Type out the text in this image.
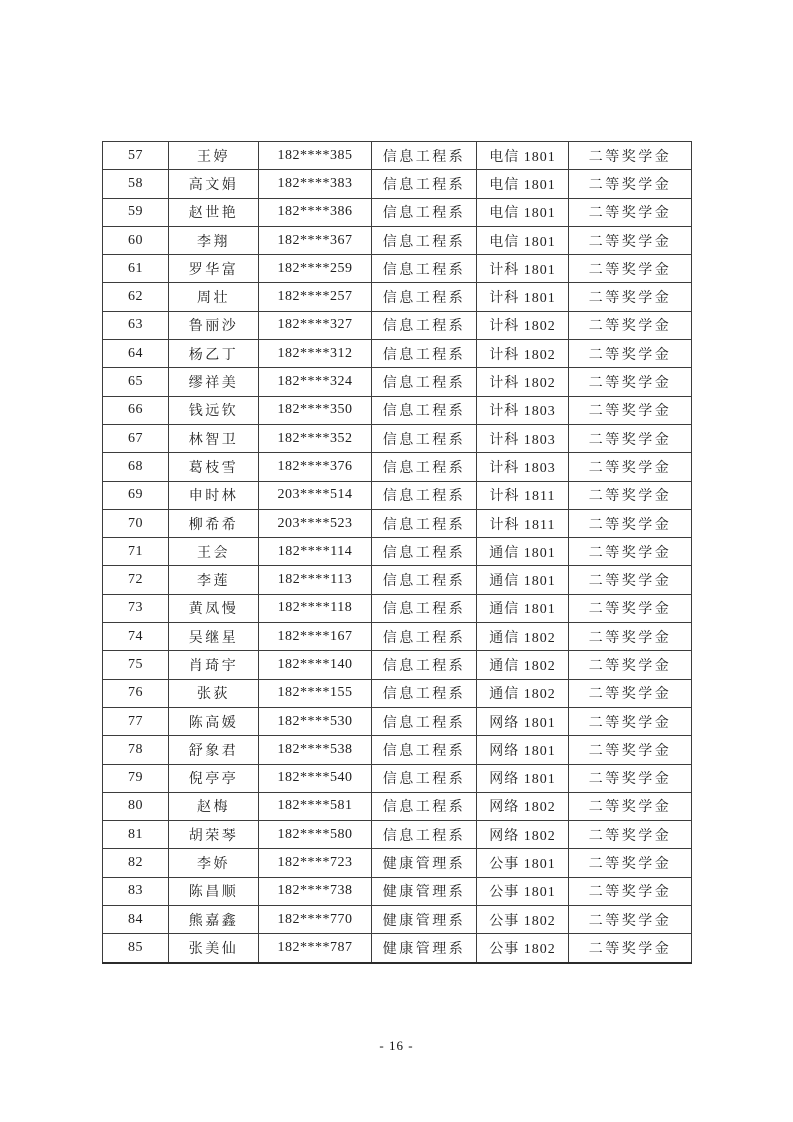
57	王婷	182****385	信息工程系	电信 1801	二等奖学金
58	高文娟	182****383	信息工程系	电信 1801	二等奖学金
59	赵世艳	182****386	信息工程系	电信 1801	二等奖学金
60	李翔	182****367	信息工程系	电信 1801	二等奖学金
61	罗华富	182****259	信息工程系	计科 1801	二等奖学金
62	周壮	182****257	信息工程系	计科 1801	二等奖学金
63	鲁丽沙	182****327	信息工程系	计科 1802	二等奖学金
64	杨乙丁	182****312	信息工程系	计科 1802	二等奖学金
65	缪祥美	182****324	信息工程系	计科 1802	二等奖学金
66	钱远钦	182****350	信息工程系	计科 1803	二等奖学金
67	林智卫	182****352	信息工程系	计科 1803	二等奖学金
68	葛枝雪	182****376	信息工程系	计科 1803	二等奖学金
69	申时林	203****514	信息工程系	计科 1811	二等奖学金
70	柳希希	203****523	信息工程系	计科 1811	二等奖学金
71	王会	182****114	信息工程系	通信 1801	二等奖学金
72	李莲	182****113	信息工程系	通信 1801	二等奖学金
73	黄凤慢	182****118	信息工程系	通信 1801	二等奖学金
74	吴继星	182****167	信息工程系	通信 1802	二等奖学金
75	肖琦宇	182****140	信息工程系	通信 1802	二等奖学金
76	张荻	182****155	信息工程系	通信 1802	二等奖学金
77	陈高媛	182****530	信息工程系	网络 1801	二等奖学金
78	舒象君	182****538	信息工程系	网络 1801	二等奖学金
79	倪亭亭	182****540	信息工程系	网络 1801	二等奖学金
80	赵梅	182****581	信息工程系	网络 1802	二等奖学金
81	胡荣琴	182****580	信息工程系	网络 1802	二等奖学金
82	李娇	182****723	健康管理系	公事 1801	二等奖学金
83	陈昌顺	182****738	健康管理系	公事 1801	二等奖学金
84	熊嘉鑫	182****770	健康管理系	公事 1802	二等奖学金
85	张美仙	182****787	健康管理系	公事 1802	二等奖学金
- 16 -
